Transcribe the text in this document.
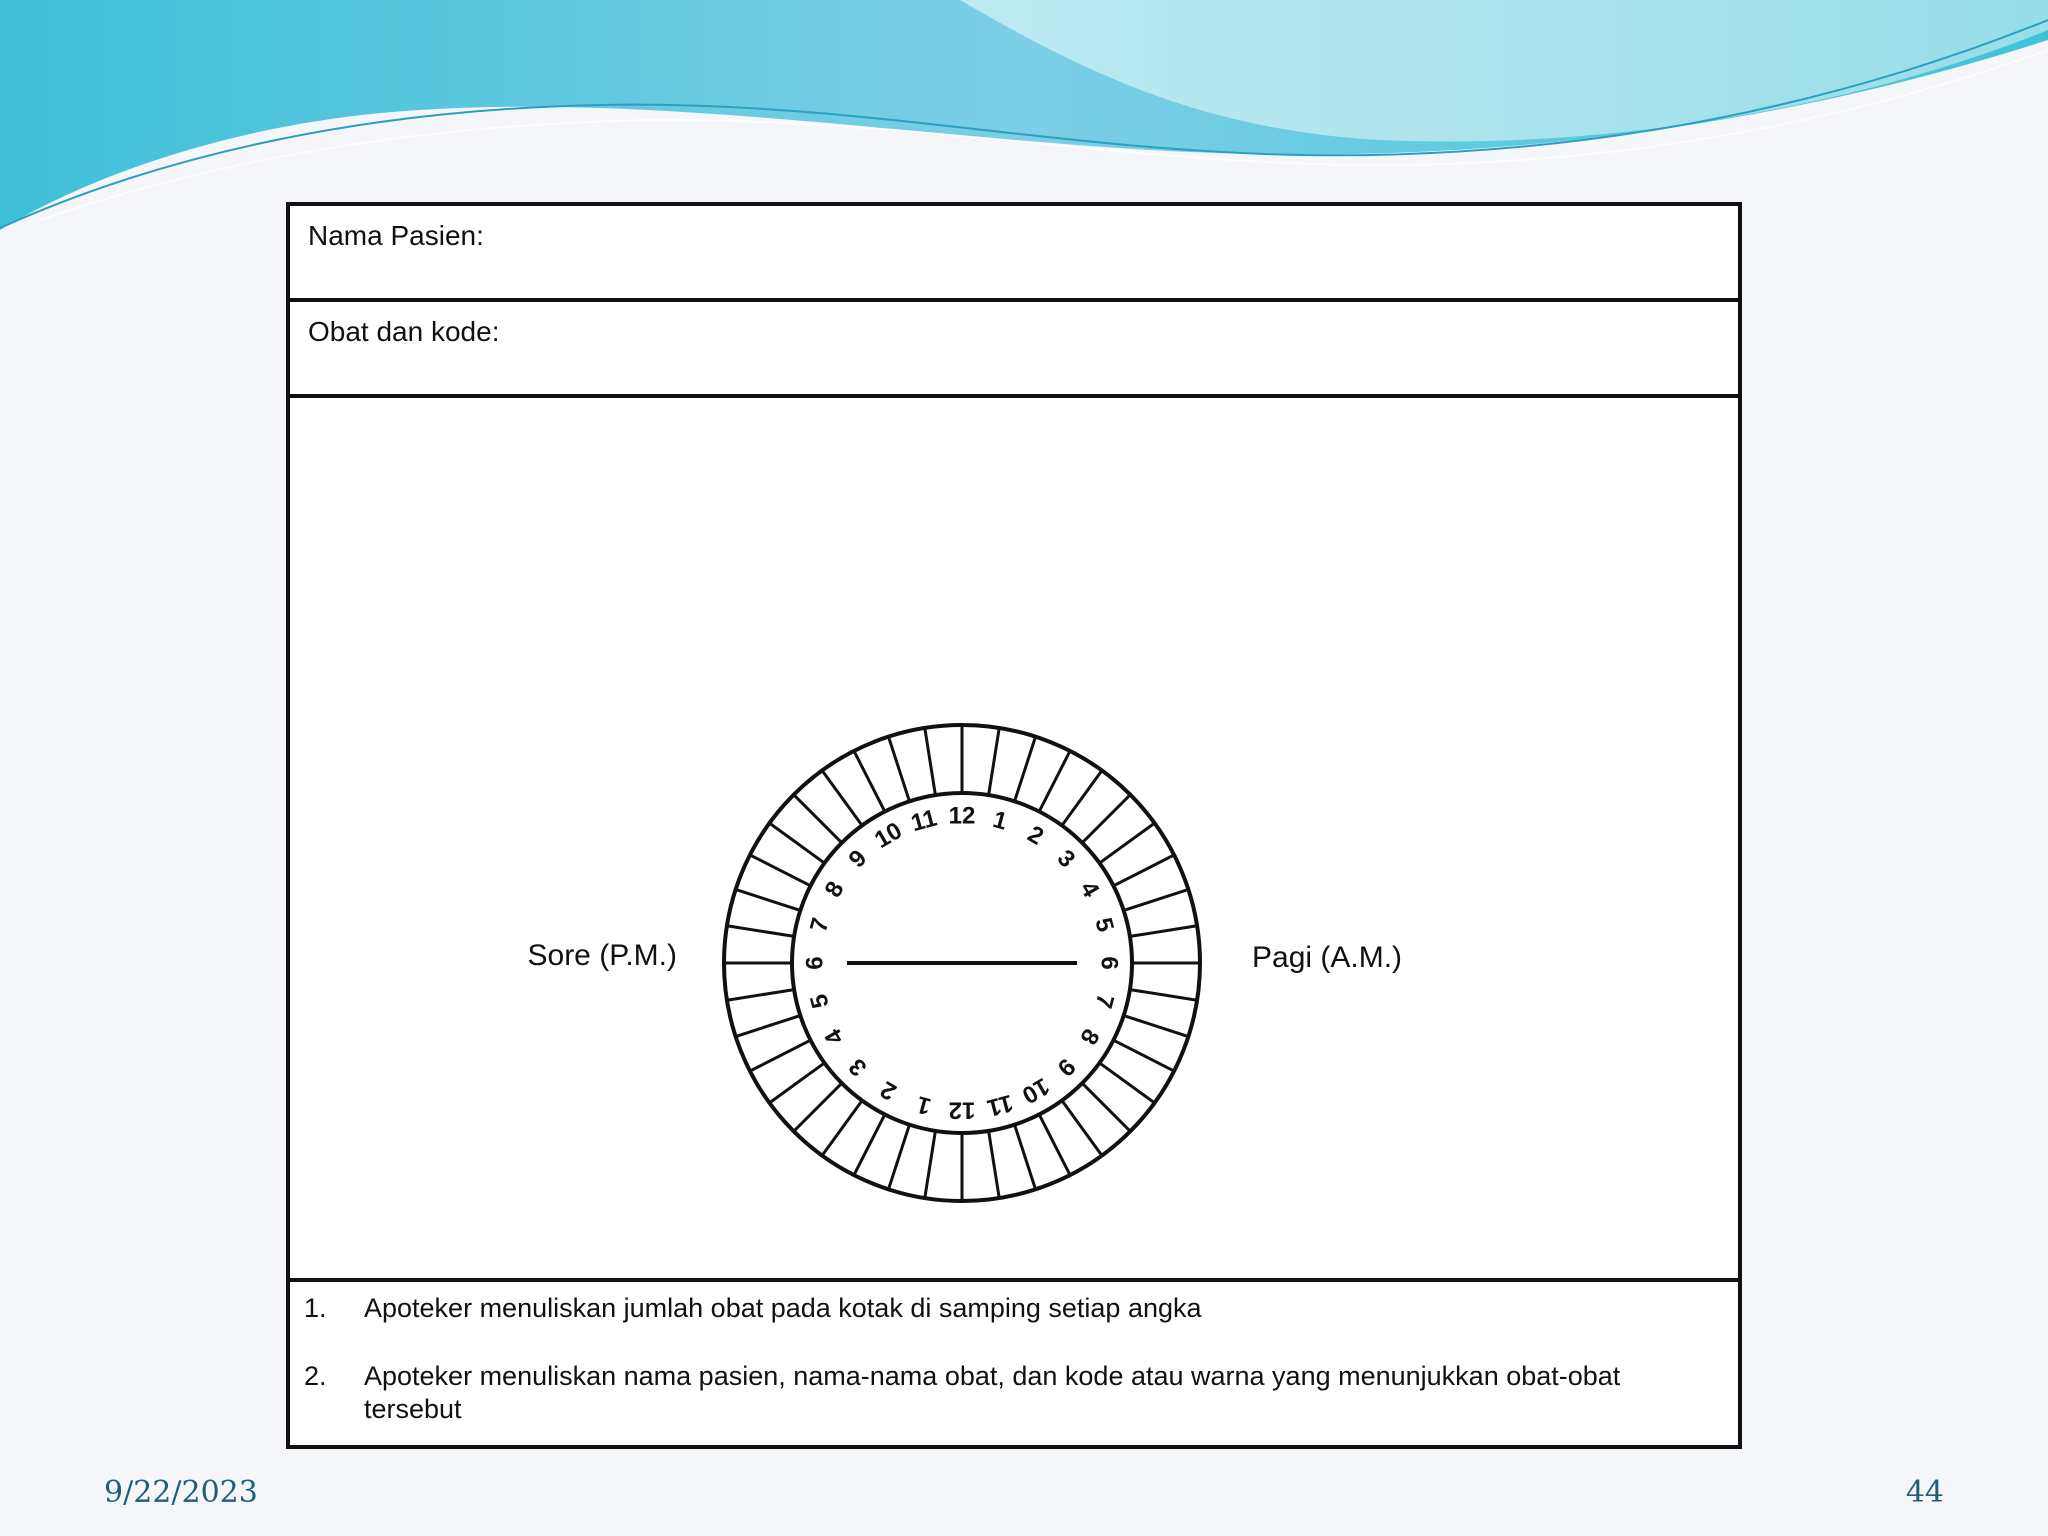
Nama Pasien:
Obat dan kode:
12 1 2
3
4
5
6
7
8
9
10
11
12
1
2
3
4
5
6
7
8
9
10 11
Sore (P.M.)	Pagi (A.M.)
1.	Apoteker menuliskan jumlah obat pada kotak di samping setiap angka
2.	Apoteker menuliskan nama pasien, nama-nama obat, dan kode atau warna yang menunjukkan obat-obat tersebut
9/22/2023	44
